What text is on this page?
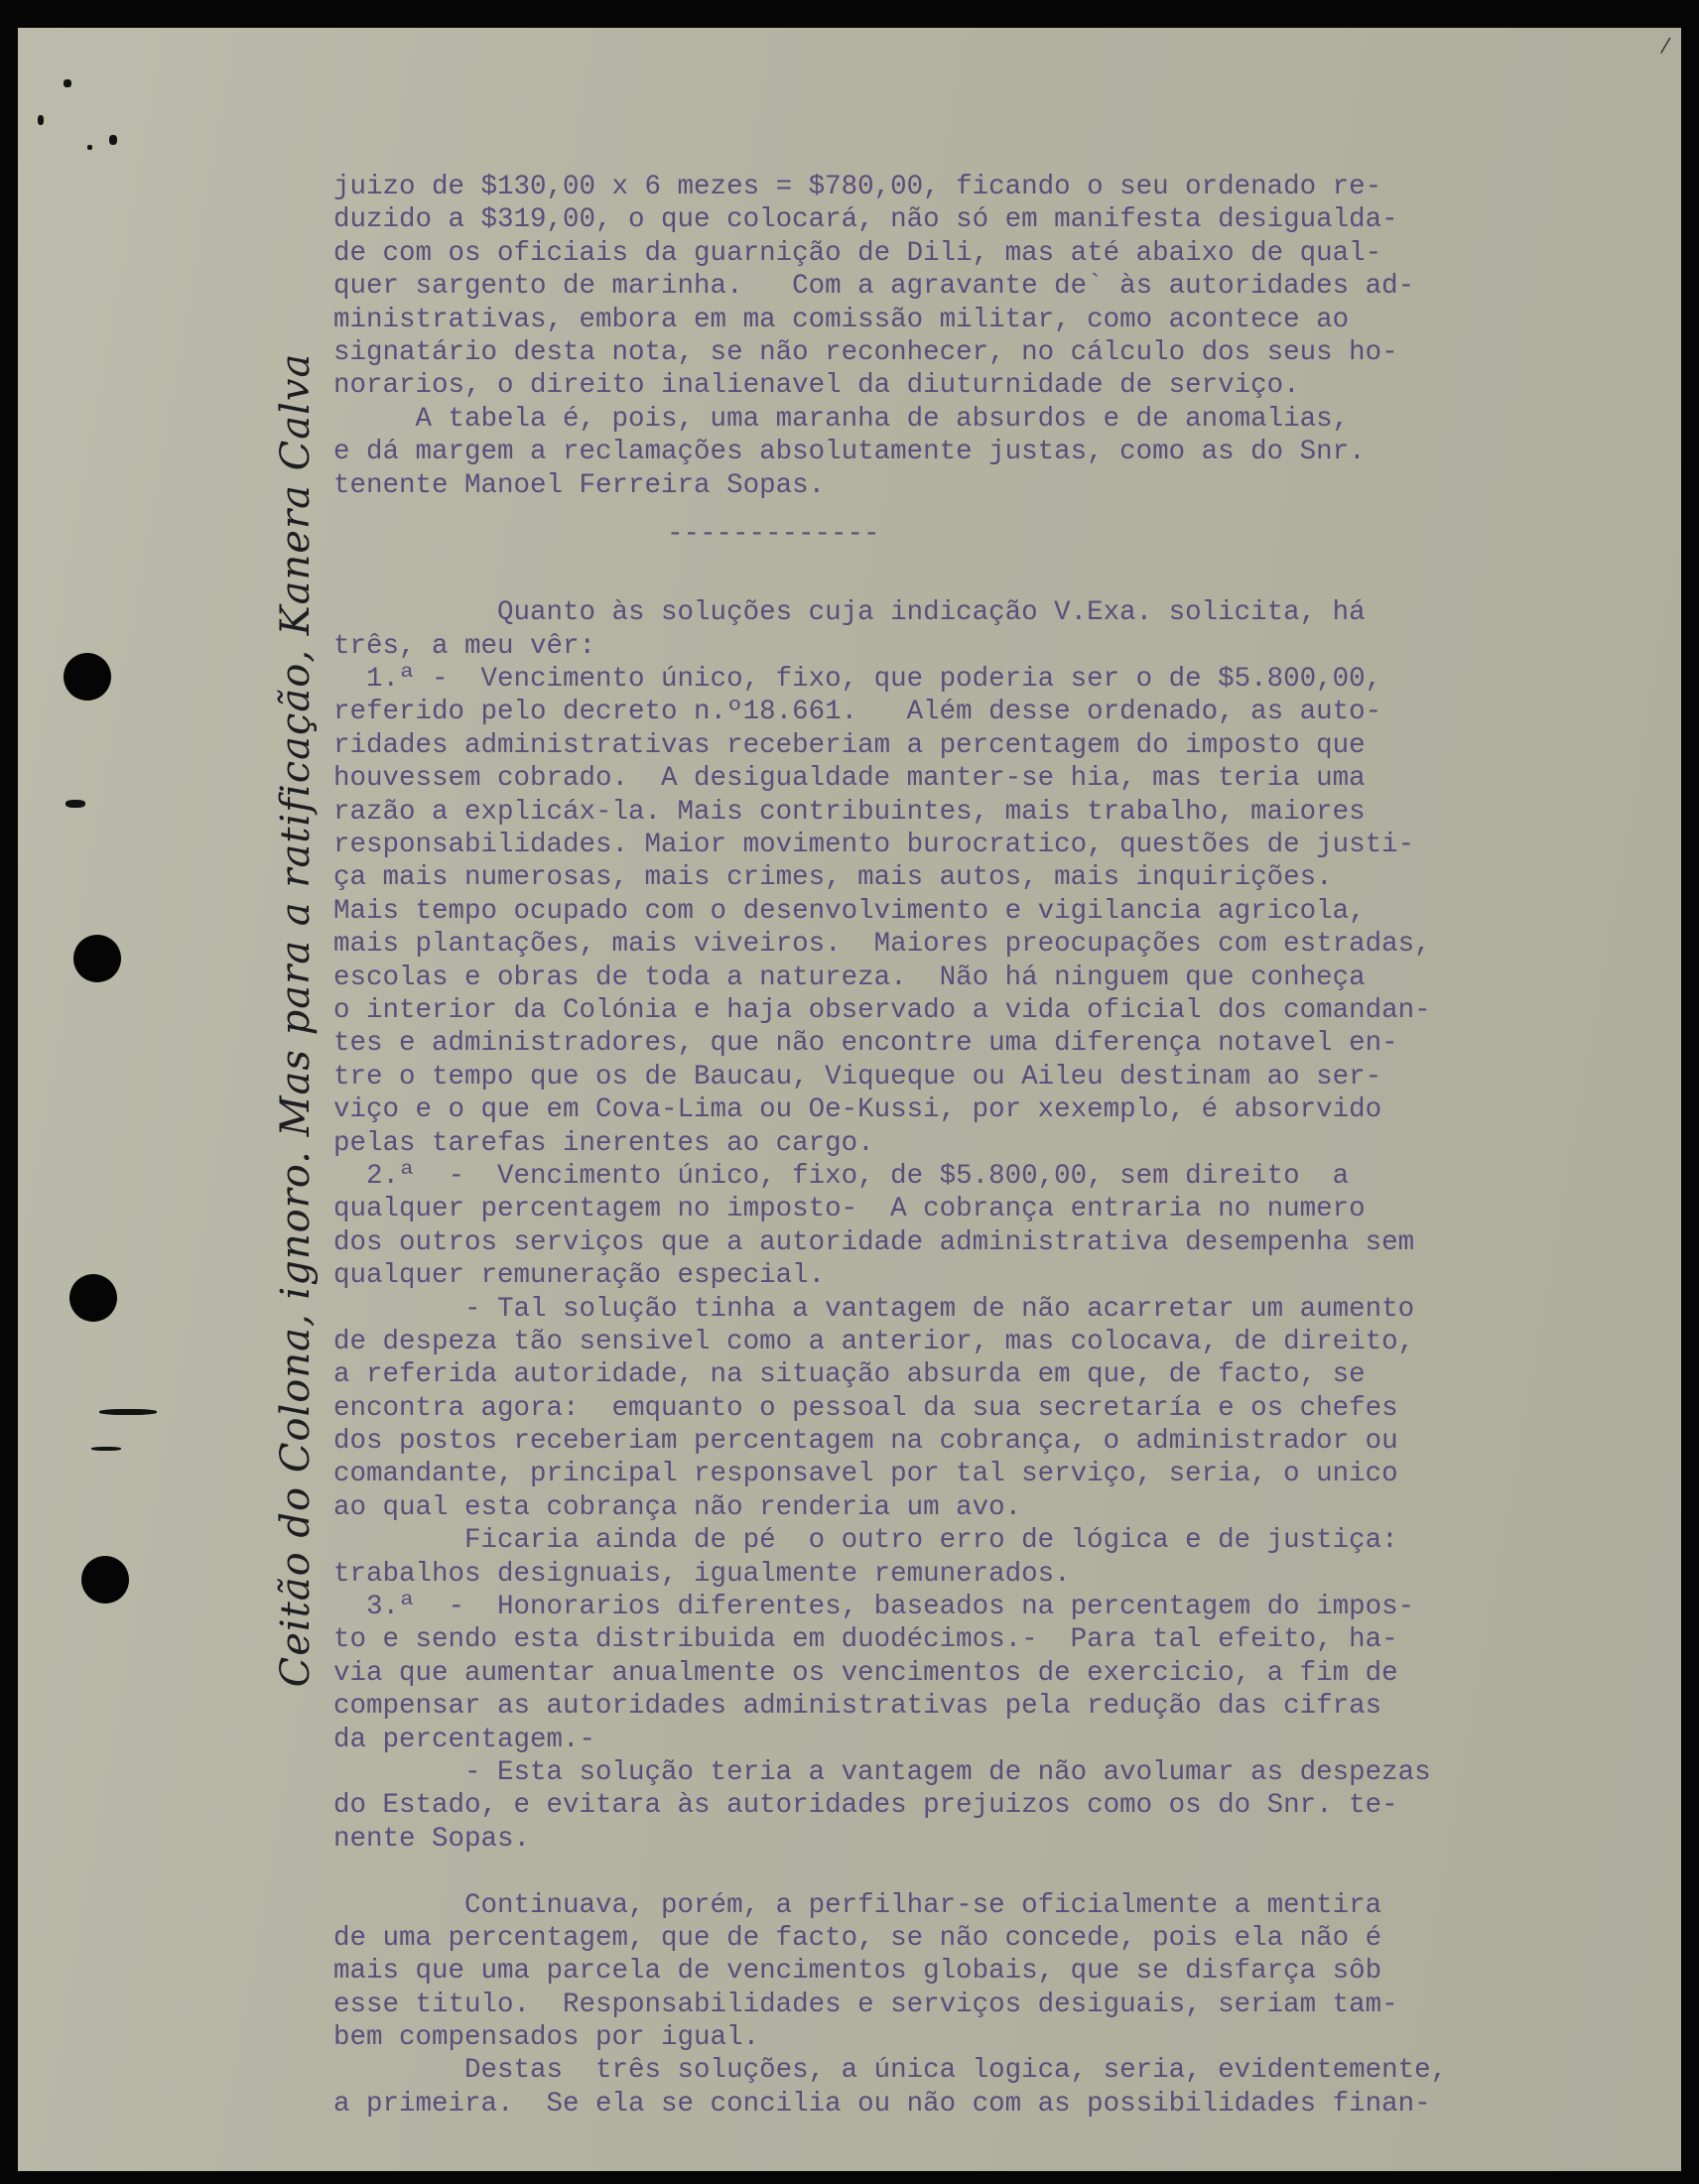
⁄
Ceitão do Colona, ignoro. Mas para a ratificação, Kanera Calva
juizo de $130,00 x 6 mezes = $780,00, ficando o seu ordenado re-
duzido a $319,00, o que colocará, não só em manifesta desigualda-
de com os oficiais da guarnição de Dili, mas até abaixo de qual-
quer sargento de marinha.   Com a agravante de` às autoridades ad-
ministrativas, embora em ma comissão militar, como acontece ao
signatário desta nota, se não reconhecer, no cálculo dos seus ho-
norarios, o direito inalienavel da diuturnidade de serviço.
A tabela é, pois, uma maranha de absurdos e de anomalias,
e dá margem a reclamações absolutamente justas, como as do Snr.
tenente Manoel Ferreira Sopas.
-------------
Quanto às soluções cuja indicação V.Exa. solicita, há
três, a meu vêr:
1.ª -  Vencimento único, fixo, que poderia ser o de $5.800,00,
referido pelo decreto n.º18.661.   Além desse ordenado, as auto-
ridades administrativas receberiam a percentagem do imposto que
houvessem cobrado.  A desigualdade manter-se hia, mas teria uma
razão a explicáx-la. Mais contribuintes, mais trabalho, maiores
responsabilidades. Maior movimento burocratico, questões de justi-
ça mais numerosas, mais crimes, mais autos, mais inquirições.
Mais tempo ocupado com o desenvolvimento e vigilancia agricola,
mais plantações, mais viveiros.  Maiores preocupações com estradas,
escolas e obras de toda a natureza.  Não há ninguem que conheça
o interior da Colónia e haja observado a vida oficial dos comandan-
tes e administradores, que não encontre uma diferença notavel en-
tre o tempo que os de Baucau, Viqueque ou Aileu destinam ao ser-
viço e o que em Cova-Lima ou Oe-Kussi, por xexemplo, é absorvido
pelas tarefas inerentes ao cargo.
2.ª  -  Vencimento único, fixo, de $5.800,00, sem direito  a
qualquer percentagem no imposto-  A cobrança entraria no numero
dos outros serviços que a autoridade administrativa desempenha sem
qualquer remuneração especial.
- Tal solução tinha a vantagem de não acarretar um aumento
de despeza tão sensivel como a anterior, mas colocava, de direito,
a referida autoridade, na situação absurda em que, de facto, se
encontra agora:  emquanto o pessoal da sua secretaría e os chefes
dos postos receberiam percentagem na cobrança, o administrador ou
comandante, principal responsavel por tal serviço, seria, o unico
ao qual esta cobrança não renderia um avo.
Ficaria ainda de pé  o outro erro de lógica e de justiça:
trabalhos designuais, igualmente remunerados.
3.ª  -  Honorarios diferentes, baseados na percentagem do impos-
to e sendo esta distribuida em duodécimos.-  Para tal efeito, ha-
via que aumentar anualmente os vencimentos de exercicio, a fim de
compensar as autoridades administrativas pela redução das cifras
da percentagem.-
- Esta solução teria a vantagem de não avolumar as despezas
do Estado, e evitara às autoridades prejuizos como os do Snr. te-
nente Sopas.
Continuava, porém, a perfilhar-se oficialmente a mentira
de uma percentagem, que de facto, se não concede, pois ela não é
mais que uma parcela de vencimentos globais, que se disfarça sôb
esse titulo.  Responsabilidades e serviços desiguais, seriam tam-
bem compensados por igual.
Destas  três soluções, a única logica, seria, evidentemente,
a primeira.  Se ela se concilia ou não com as possibilidades finan-
